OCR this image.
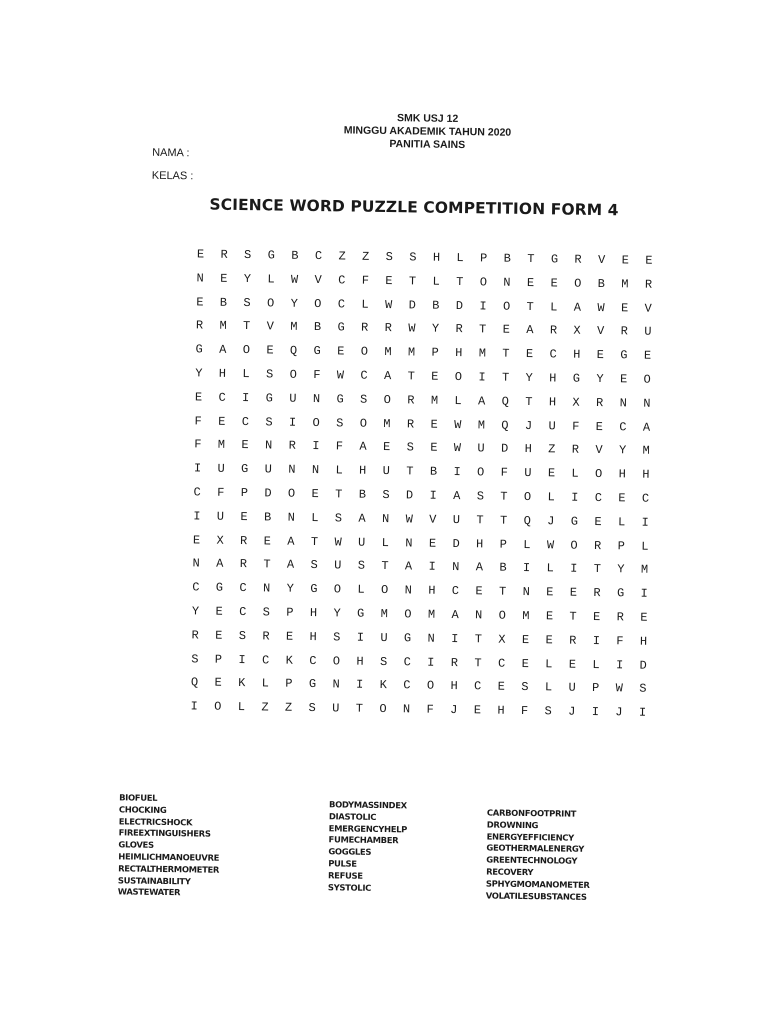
SMK USJ 12
MINGGU AKADEMIK TAHUN 2020
PANITIA SAINS
NAMA :
KELAS :
SCIENCE WORD PUZZLE COMPETITION FORM 4
E	R	S	G	B	C	Z	Z	S	S	H	L	P	B	T	G	R	V	E	E
N	E	Y	L	W	V	C	F	E	T	L	T	O	N	E	E	O	B	M	R
E	B	S	O	Y	O	C	L	W	D	B	D	I	O	T	L	A	W	E	V
R	M	T	V	M	B	G	R	R	W	Y	R	T	E	A	R	X	V	R	U
G	A	O	E	Q	G	E	O	M	M	P	H	M	T	E	C	H	E	G	E
Y	H	L	S	O	F	W	C	A	T	E	O	I	T	Y	H	G	Y	E	O
E	C	I	G	U	N	G	S	O	R	M	L	A	Q	T	H	X	R	N	N
F	E	C	S	I	O	S	O	M	R	E	W	M	Q	J	U	F	E	C	A
F	M	E	N	R	I	F	A	E	S	E	W	U	D	H	Z	R	V	Y	M
I	U	G	U	N	N	L	H	U	T	B	I	O	F	U	E	L	O	H	H
C	F	P	D	O	E	T	B	S	D	I	A	S	T	O	L	I	C	E	C
I	U	E	B	N	L	S	A	N	W	V	U	T	T	Q	J	G	E	L	I
E	X	R	E	A	T	W	U	L	N	E	D	H	P	L	W	O	R	P	L
N	A	R	T	A	S	U	S	T	A	I	N	A	B	I	L	I	T	Y	M
C	G	C	N	Y	G	O	L	O	N	H	C	E	T	N	E	E	R	G	I
Y	E	C	S	P	H	Y	G	M	O	M	A	N	O	M	E	T	E	R	E
R	E	S	R	E	H	S	I	U	G	N	I	T	X	E	E	R	I	F	H
S	P	I	C	K	C	O	H	S	C	I	R	T	C	E	L	E	L	I	D
Q	E	K	L	P	G	N	I	K	C	O	H	C	E	S	L	U	P	W	S
I	O	L	Z	Z	S	U	T	O	N	F	J	E	H	F	S	J	I	J	I
BIOFUEL
CHOCKING
ELECTRICSHOCK
FIREEXTINGUISHERS
GLOVES
HEIMLICHMANOEUVRE
RECTALTHERMOMETER
SUSTAINABILITY
WASTEWATER
BODYMASSINDEX
DIASTOLIC
EMERGENCYHELP
FUMECHAMBER
GOGGLES
PULSE
REFUSE
SYSTOLIC
CARBONFOOTPRINT
DROWNING
ENERGYEFFICIENCY
GEOTHERMALENERGY
GREENTECHNOLOGY
RECOVERY
SPHYGMOMANOMETER
VOLATILESUBSTANCES
